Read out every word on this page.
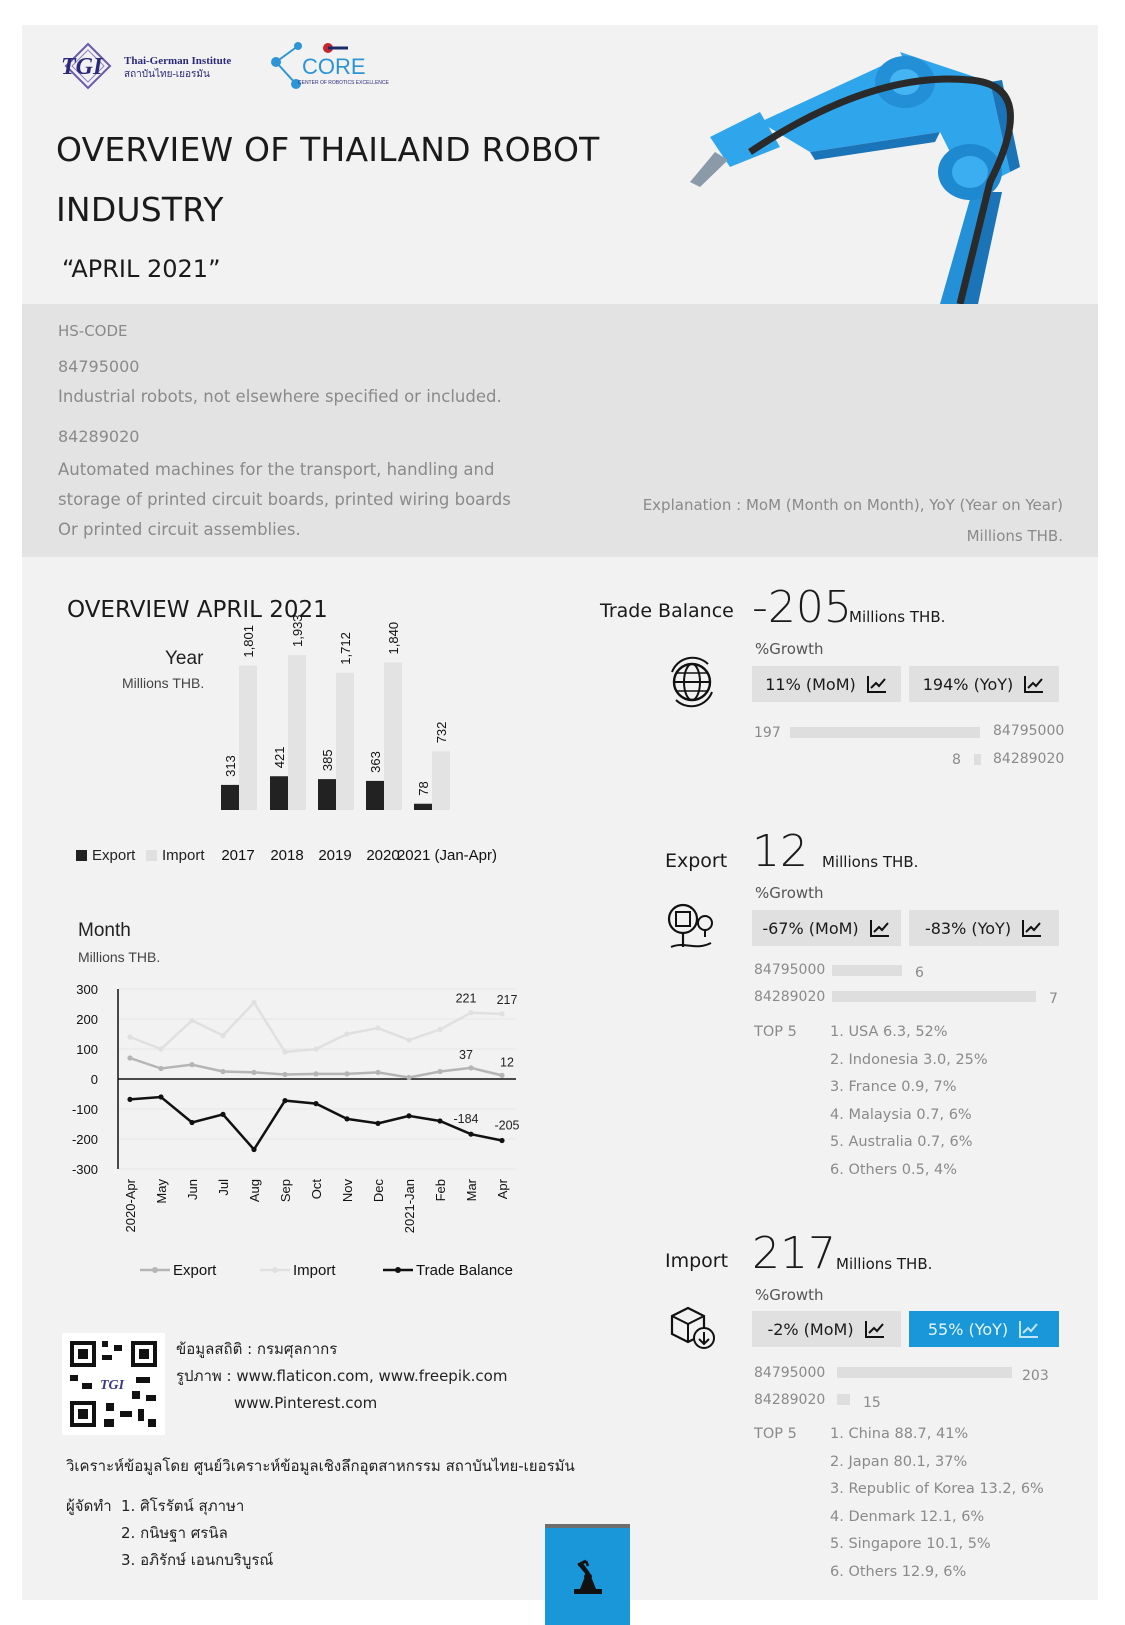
TGI Thai-German Institute
สถาบันไทย-เยอรมัน	CORE
CENTER OF ROBOTICS EXCELLENCE
OVERVIEW OF THAILAND ROBOT INDUSTRY
“APRIL 2021”
HS-CODE
84795000
Industrial robots, not elsewhere specified or included.
84289020
Automated machines for the transport, handling and storage of printed circuit boards, printed wiring boards Or printed circuit assemblies.
Explanation : MoM (Month on Month), YoY (Year on Year)
Millions THB.
OVERVIEW APRIL 2021
Year
Millions THB.
Export Import
313
1,801
2017
421
1,933
2018
385
1,712
2019
363
1,840
2020
78
732
2021 (Jan-Apr)
Month
Millions THB.
300
200
100
0
-100
-200
-300
2020-Apr May Jun Jul Aug Sep Oct Nov Dec 2021-Jan Feb Mar Apr
221 217
37
12
-184 -205
Export	Import	Trade Balance
Trade Balance -205
Millions THB.
%Growth
11% (MoM)	194% (YoY)
197	84795000
8 84289020
Export 12 Millions THB.
%Growth
-67% (MoM)	-83% (YoY)
84795000	6
84289020	7
TOP 5 1. USA 6.3, 52%
2. Indonesia 3.0, 25%
3. France 0.9, 7%
4. Malaysia 0.7, 6%
5. Australia 0.7, 6%
6. Others 0.5, 4%
Import 217 Millions THB.
%Growth
-2% (MoM)	55% (YoY)
84795000	203
84289020	15
TOP 5 1. China 88.7, 41%
2. Japan 80.1, 37%
3. Republic of Korea 13.2, 6%
4. Denmark 12.1, 6%
5. Singapore 10.1, 5%
6. Others 12.9, 6%
TGI
ข้อมูลสถิติ : กรมศุลกากร
รูปภาพ : www.flaticon.com, www.freepik.com
www.Pinterest.com
วิเคราะห์ข้อมูลโดย ศูนย์วิเคราะห์ข้อมูลเชิงลึกอุตสาหกรรม สถาบันไทย-เยอรมัน
ผู้จัดทำ 1. ศิโรรัตน์ สุภาษา
2. กนิษฐา ศรนิล
3. อภิรักษ์ เอนกบริบูรณ์
